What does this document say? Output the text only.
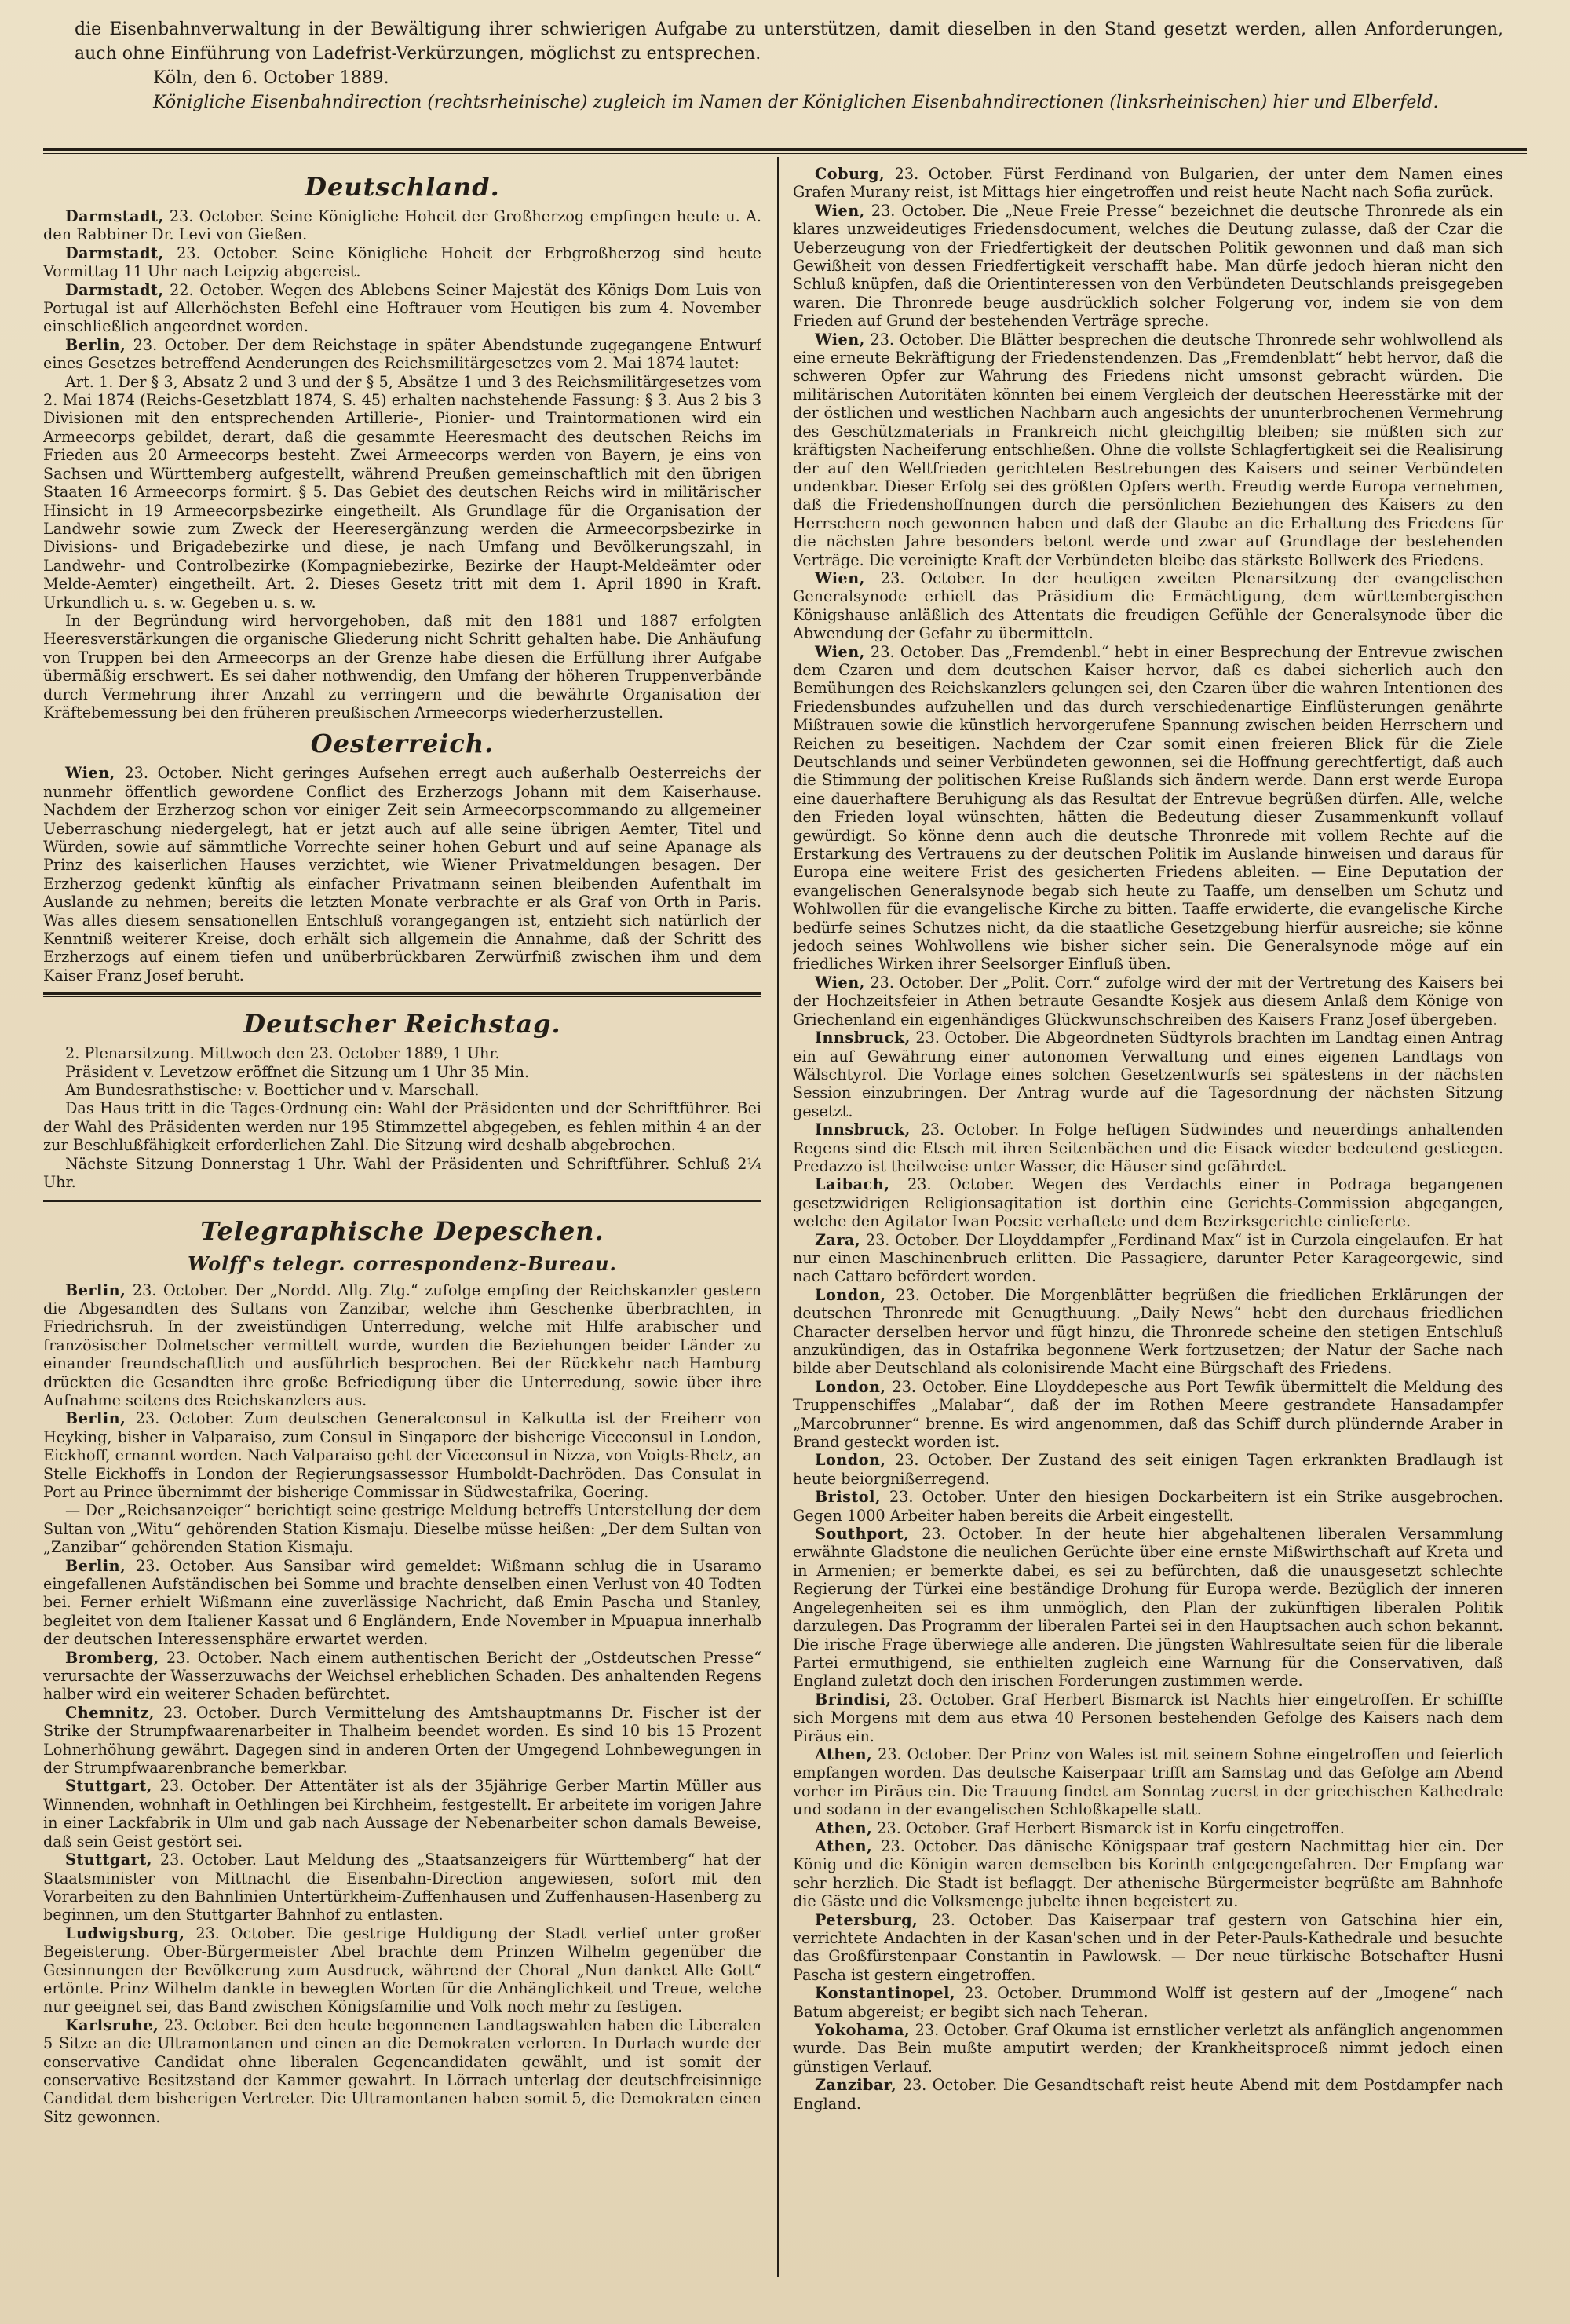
die Eisenbahnverwaltung in der Bewältigung ihrer schwierigen Aufgabe zu unterstützen, damit dieselben in den Stand gesetzt werden, allen Anforderungen, auch ohne Einführung von Ladefrist-Verkürzungen, möglichst zu entsprechen.

Köln, den 6. October 1889.
Königliche Eisenbahndirection (rechtsrheinische) zugleich im Namen der Königlichen Eisenbahndirectionen (linksrheinischen) hier und Elberfeld.
Deutschland.

Darmstadt, 23. October. Seine Königliche Hoheit der Großherzog empfingen heute u. A. den Rabbiner Dr. Levi von Gießen.

Darmstadt, 23. October. Seine Königliche Hoheit der Erbgroßherzog sind heute Vormittag 11 Uhr nach Leipzig abgereist.

Darmstadt, 22. October. Wegen des Ablebens Seiner Majestät des Königs Dom Luis von Portugal ist auf Allerhöchsten Befehl eine Hoftrauer vom Heutigen bis zum 4. November einschließlich angeordnet worden.

Berlin, 23. October. Der dem Reichstage in später Abendstunde zugegangene Entwurf eines Gesetzes betreffend Aenderungen des Reichsmilitärgesetzes vom 2. Mai 1874 lautet:

Art. 1. Der § 3, Absatz 2 und 3 und der § 5, Absätze 1 und 3 des Reichsmilitärgesetzes vom 2. Mai 1874 (Reichs-Gesetzblatt 1874, S. 45) erhalten nachstehende Fassung: § 3. Aus 2 bis 3 Divisionen mit den entsprechenden Artillerie-, Pionier- und Traintormationen wird ein Armeecorps gebildet, derart, daß die gesammte Heeresmacht des deutschen Reichs im Frieden aus 20 Armeecorps besteht. Zwei Armeecorps werden von Bayern, je eins von Sachsen und Württemberg aufgestellt, während Preußen gemeinschaftlich mit den übrigen Staaten 16 Armeecorps formirt. § 5. Das Gebiet des deutschen Reichs wird in militärischer Hinsicht in 19 Armeecorpsbezirke eingetheilt. Als Grundlage für die Organisation der Landwehr sowie zum Zweck der Heeresergänzung werden die Armeecorpsbezirke in Divisions- und Brigadebezirke und diese, je nach Umfang und Bevölkerungszahl, in Landwehr- und Controlbezirke (Kompagniebezirke, Bezirke der Haupt-Meldeämter oder Melde-Aemter) eingetheilt. Art. 2. Dieses Gesetz tritt mit dem 1. April 1890 in Kraft. Urkundlich u. s. w. Gegeben u. s. w.

In der Begründung wird hervorgehoben, daß mit den 1881 und 1887 erfolgten Heeresverstärkungen die organische Gliederung nicht Schritt gehalten habe. Die Anhäufung von Truppen bei den Armeecorps an der Grenze habe diesen die Erfüllung ihrer Aufgabe übermäßig erschwert. Es sei daher nothwendig, den Umfang der höheren Truppenverbände durch Vermehrung ihrer Anzahl zu verringern und die bewährte Organisation der Kräftebemessung bei den früheren preußischen Armeecorps wiederherzustellen.

Oesterreich.

Wien, 23. October. Nicht geringes Aufsehen erregt auch außerhalb Oesterreichs der nunmehr öffentlich gewordene Conflict des Erzherzogs Johann mit dem Kaiserhause. Nachdem der Erzherzog schon vor einiger Zeit sein Armeecorpscommando zu allgemeiner Ueberraschung niedergelegt, hat er jetzt auch auf alle seine übrigen Aemter, Titel und Würden, sowie auf sämmtliche Vorrechte seiner hohen Geburt und auf seine Apanage als Prinz des kaiserlichen Hauses verzichtet, wie Wiener Privatmeldungen besagen. Der Erzherzog gedenkt künftig als einfacher Privatmann seinen bleibenden Aufenthalt im Auslande zu nehmen; bereits die letzten Monate verbrachte er als Graf von Orth in Paris. Was alles diesem sensationellen Entschluß vorangegangen ist, entzieht sich natürlich der Kenntniß weiterer Kreise, doch erhält sich allgemein die Annahme, daß der Schritt des Erzherzogs auf einem tiefen und unüberbrückbaren Zerwürfniß zwischen ihm und dem Kaiser Franz Josef beruht.

Deutscher Reichstag.

2. Plenarsitzung. Mittwoch den 23. October 1889, 1 Uhr.

Präsident v. Levetzow eröffnet die Sitzung um 1 Uhr 35 Min.

Am Bundesrathstische: v. Boetticher und v. Marschall.

Das Haus tritt in die Tages-Ordnung ein: Wahl der Präsidenten und der Schriftführer. Bei der Wahl des Präsidenten werden nur 195 Stimmzettel abgegeben, es fehlen mithin 4 an der zur Beschlußfähigkeit erforderlichen Zahl. Die Sitzung wird deshalb abgebrochen.

Nächste Sitzung Donnerstag 1 Uhr. Wahl der Präsidenten und Schriftführer. Schluß 2¼ Uhr.

Telegraphische Depeschen.
Wolff's telegr. correspondenz-Bureau.

Berlin, 23. October. Der „Nordd. Allg. Ztg.“ zufolge empfing der Reichskanzler gestern die Abgesandten des Sultans von Zanzibar, welche ihm Geschenke überbrachten, in Friedrichsruh. In der zweistündigen Unterredung, welche mit Hilfe arabischer und französischer Dolmetscher vermittelt wurde, wurden die Beziehungen beider Länder zu einander freundschaftlich und ausführlich besprochen. Bei der Rückkehr nach Hamburg drückten die Gesandten ihre große Befriedigung über die Unterredung, sowie über ihre Aufnahme seitens des Reichskanzlers aus.

Berlin, 23. October. Zum deutschen Generalconsul in Kalkutta ist der Freiherr von Heyking, bisher in Valparaiso, zum Consul in Singapore der bisherige Viceconsul in London, Eickhoff, ernannt worden. Nach Valparaiso geht der Viceconsul in Nizza, von Voigts-Rhetz, an Stelle Eickhoffs in London der Regierungsassessor Humboldt-Dachröden. Das Consulat in Port au Prince übernimmt der bisherige Commissar in Südwestafrika, Goering.

— Der „Reichsanzeiger“ berichtigt seine gestrige Meldung betreffs Unterstellung der dem Sultan von „Witu“ gehörenden Station Kismaju. Dieselbe müsse heißen: „Der dem Sultan von „Zanzibar“ gehörenden Station Kismaju.

Berlin, 23. October. Aus Sansibar wird gemeldet: Wißmann schlug die in Usaramo eingefallenen Aufständischen bei Somme und brachte denselben einen Verlust von 40 Todten bei. Ferner erhielt Wißmann eine zuverlässige Nachricht, daß Emin Pascha und Stanley, begleitet von dem Italiener Kassat und 6 Engländern, Ende November in Mpuapua innerhalb der deutschen Interessensphäre erwartet werden.

Bromberg, 23. October. Nach einem authentischen Bericht der „Ostdeutschen Presse“ verursachte der Wasserzuwachs der Weichsel erheblichen Schaden. Des anhaltenden Regens halber wird ein weiterer Schaden befürchtet.

Chemnitz, 23. October. Durch Vermittelung des Amtshauptmanns Dr. Fischer ist der Strike der Strumpfwaarenarbeiter in Thalheim beendet worden. Es sind 10 bis 15 Prozent Lohnerhöhung gewährt. Dagegen sind in anderen Orten der Umgegend Lohnbewegungen in der Strumpfwaarenbranche bemerkbar.

Stuttgart, 23. October. Der Attentäter ist als der 35jährige Gerber Martin Müller aus Winnenden, wohnhaft in Oethlingen bei Kirchheim, festgestellt. Er arbeitete im vorigen Jahre in einer Lackfabrik in Ulm und gab nach Aussage der Nebenarbeiter schon damals Beweise, daß sein Geist gestört sei.

Stuttgart, 23. October. Laut Meldung des „Staatsanzeigers für Württemberg“ hat der Staatsminister von Mittnacht die Eisenbahn-Direction angewiesen, sofort mit den Vorarbeiten zu den Bahnlinien Untertürkheim-Zuffenhausen und Zuffenhausen-Hasenberg zu beginnen, um den Stuttgarter Bahnhof zu entlasten.

Ludwigsburg, 23. October. Die gestrige Huldigung der Stadt verlief unter großer Begeisterung. Ober-Bürgermeister Abel brachte dem Prinzen Wilhelm gegenüber die Gesinnungen der Bevölkerung zum Ausdruck, während der Choral „Nun danket Alle Gott“ ertönte. Prinz Wilhelm dankte in bewegten Worten für die Anhänglichkeit und Treue, welche nur geeignet sei, das Band zwischen Königsfamilie und Volk noch mehr zu festigen.

Karlsruhe, 23. October. Bei den heute begonnenen Landtagswahlen haben die Liberalen 5 Sitze an die Ultramontanen und einen an die Demokraten verloren. In Durlach wurde der conservative Candidat ohne liberalen Gegencandidaten gewählt, und ist somit der conservative Besitzstand der Kammer gewahrt. In Lörrach unterlag der deutschfreisinnige Candidat dem bisherigen Vertreter. Die Ultramontanen haben somit 5, die Demokraten einen Sitz gewonnen.

Coburg, 23. October. Fürst Ferdinand von Bulgarien, der unter dem Namen eines Grafen Murany reist, ist Mittags hier eingetroffen und reist heute Nacht nach Sofia zurück.

Wien, 23. October. Die „Neue Freie Presse“ bezeichnet die deutsche Thronrede als ein klares unzweideutiges Friedensdocument, welches die Deutung zulasse, daß der Czar die Ueberzeugung von der Friedfertigkeit der deutschen Politik gewonnen und daß man sich Gewißheit von dessen Friedfertigkeit verschafft habe. Man dürfe jedoch hieran nicht den Schluß knüpfen, daß die Orientinteressen von den Verbündeten Deutschlands preisgegeben waren. Die Thronrede beuge ausdrücklich solcher Folgerung vor, indem sie von dem Frieden auf Grund der bestehenden Verträge spreche.

Wien, 23. October. Die Blätter besprechen die deutsche Thronrede sehr wohlwollend als eine erneute Bekräftigung der Friedenstendenzen. Das „Fremdenblatt“ hebt hervor, daß die schweren Opfer zur Wahrung des Friedens nicht umsonst gebracht würden. Die militärischen Autoritäten könnten bei einem Vergleich der deutschen Heeresstärke mit der der östlichen und westlichen Nachbarn auch angesichts der ununterbrochenen Vermehrung des Geschützmaterials in Frankreich nicht gleichgiltig bleiben; sie müßten sich zur kräftigsten Nacheiferung entschließen. Ohne die vollste Schlagfertigkeit sei die Realisirung der auf den Weltfrieden gerichteten Bestrebungen des Kaisers und seiner Verbündeten undenkbar. Dieser Erfolg sei des größten Opfers werth. Freudig werde Europa vernehmen, daß die Friedenshoffnungen durch die persönlichen Beziehungen des Kaisers zu den Herrschern noch gewonnen haben und daß der Glaube an die Erhaltung des Friedens für die nächsten Jahre besonders betont werde und zwar auf Grundlage der bestehenden Verträge. Die vereinigte Kraft der Verbündeten bleibe das stärkste Bollwerk des Friedens.

Wien, 23. October. In der heutigen zweiten Plenarsitzung der evangelischen Generalsynode erhielt das Präsidium die Ermächtigung, dem württembergischen Königshause anläßlich des Attentats die freudigen Gefühle der Generalsynode über die Abwendung der Gefahr zu übermitteln.

Wien, 23. October. Das „Fremdenbl.“ hebt in einer Besprechung der Entrevue zwischen dem Czaren und dem deutschen Kaiser hervor, daß es dabei sicherlich auch den Bemühungen des Reichskanzlers gelungen sei, den Czaren über die wahren Intentionen des Friedensbundes aufzuhellen und das durch verschiedenartige Einflüsterungen genährte Mißtrauen sowie die künstlich hervorgerufene Spannung zwischen beiden Herrschern und Reichen zu beseitigen. Nachdem der Czar somit einen freieren Blick für die Ziele Deutschlands und seiner Verbündeten gewonnen, sei die Hoffnung gerechtfertigt, daß auch die Stimmung der politischen Kreise Rußlands sich ändern werde. Dann erst werde Europa eine dauerhaftere Beruhigung als das Resultat der Entrevue begrüßen dürfen. Alle, welche den Frieden loyal wünschten, hätten die Bedeutung dieser Zusammenkunft vollauf gewürdigt. So könne denn auch die deutsche Thronrede mit vollem Rechte auf die Erstarkung des Vertrauens zu der deutschen Politik im Auslande hinweisen und daraus für Europa eine weitere Frist des gesicherten Friedens ableiten. — Eine Deputation der evangelischen Generalsynode begab sich heute zu Taaffe, um denselben um Schutz und Wohlwollen für die evangelische Kirche zu bitten. Taaffe erwiderte, die evangelische Kirche bedürfe seines Schutzes nicht, da die staatliche Gesetzgebung hierfür ausreiche; sie könne jedoch seines Wohlwollens wie bisher sicher sein. Die Generalsynode möge auf ein friedliches Wirken ihrer Seelsorger Einfluß üben.

Wien, 23. October. Der „Polit. Corr.“ zufolge wird der mit der Vertretung des Kaisers bei der Hochzeitsfeier in Athen betraute Gesandte Kosjek aus diesem Anlaß dem Könige von Griechenland ein eigenhändiges Glückwunschschreiben des Kaisers Franz Josef übergeben.

Innsbruck, 23. October. Die Abgeordneten Südtyrols brachten im Landtag einen Antrag ein auf Gewährung einer autonomen Verwaltung und eines eigenen Landtags von Wälschtyrol. Die Vorlage eines solchen Gesetzentwurfs sei spätestens in der nächsten Session einzubringen. Der Antrag wurde auf die Tagesordnung der nächsten Sitzung gesetzt.

Innsbruck, 23. October. In Folge heftigen Südwindes und neuerdings anhaltenden Regens sind die Etsch mit ihren Seitenbächen und die Eisack wieder bedeutend gestiegen. Predazzo ist theilweise unter Wasser, die Häuser sind gefährdet.

Laibach, 23. October. Wegen des Verdachts einer in Podraga begangenen gesetzwidrigen Religionsagitation ist dorthin eine Gerichts-Commission abgegangen, welche den Agitator Iwan Pocsic verhaftete und dem Bezirksgerichte einlieferte.

Zara, 23. October. Der Lloyddampfer „Ferdinand Max“ ist in Curzola eingelaufen. Er hat nur einen Maschinenbruch erlitten. Die Passagiere, darunter Peter Karageorgewic, sind nach Cattaro befördert worden.

London, 23. October. Die Morgenblätter begrüßen die friedlichen Erklärungen der deutschen Thronrede mit Genugthuung. „Daily News“ hebt den durchaus friedlichen Character derselben hervor und fügt hinzu, die Thronrede scheine den stetigen Entschluß anzukündigen, das in Ostafrika begonnene Werk fortzusetzen; der Natur der Sache nach bilde aber Deutschland als colonisirende Macht eine Bürgschaft des Friedens.

London, 23. October. Eine Lloyddepesche aus Port Tewfik übermittelt die Meldung des Truppenschiffes „Malabar“, daß der im Rothen Meere gestrandete Hansadampfer „Marcobrunner“ brenne. Es wird angenommen, daß das Schiff durch plündernde Araber in Brand gesteckt worden ist.

London, 23. October. Der Zustand des seit einigen Tagen erkrankten Bradlaugh ist heute beiorgnißerregend.

Bristol, 23. October. Unter den hiesigen Dockarbeitern ist ein Strike ausgebrochen. Gegen 1000 Arbeiter haben bereits die Arbeit eingestellt.

Southport, 23. October. In der heute hier abgehaltenen liberalen Versammlung erwähnte Gladstone die neulichen Gerüchte über eine ernste Mißwirthschaft auf Kreta und in Armenien; er bemerkte dabei, es sei zu befürchten, daß die unausgesetzt schlechte Regierung der Türkei eine beständige Drohung für Europa werde. Bezüglich der inneren Angelegenheiten sei es ihm unmöglich, den Plan der zukünftigen liberalen Politik darzulegen. Das Programm der liberalen Partei sei in den Hauptsachen auch schon bekannt. Die irische Frage überwiege alle anderen. Die jüngsten Wahlresultate seien für die liberale Partei ermuthigend, sie enthielten zugleich eine Warnung für die Conservativen, daß England zuletzt doch den irischen Forderungen zustimmen werde.

Brindisi, 23. October. Graf Herbert Bismarck ist Nachts hier eingetroffen. Er schiffte sich Morgens mit dem aus etwa 40 Personen bestehenden Gefolge des Kaisers nach dem Piräus ein.

Athen, 23. October. Der Prinz von Wales ist mit seinem Sohne eingetroffen und feierlich empfangen worden. Das deutsche Kaiserpaar trifft am Samstag und das Gefolge am Abend vorher im Piräus ein. Die Trauung findet am Sonntag zuerst in der griechischen Kathedrale und sodann in der evangelischen Schloßkapelle statt.

Athen, 23. October. Graf Herbert Bismarck ist in Korfu eingetroffen.

Athen, 23. October. Das dänische Königspaar traf gestern Nachmittag hier ein. Der König und die Königin waren demselben bis Korinth entgegengefahren. Der Empfang war sehr herzlich. Die Stadt ist beflaggt. Der athenische Bürgermeister begrüßte am Bahnhofe die Gäste und die Volksmenge jubelte ihnen begeistert zu.

Petersburg, 23. October. Das Kaiserpaar traf gestern von Gatschina hier ein, verrichtete Andachten in der Kasan'schen und in der Peter-Pauls-Kathedrale und besuchte das Großfürstenpaar Constantin in Pawlowsk. — Der neue türkische Botschafter Husni Pascha ist gestern eingetroffen.

Konstantinopel, 23. October. Drummond Wolff ist gestern auf der „Imogene“ nach Batum abgereist; er begibt sich nach Teheran.

Yokohama, 23. October. Graf Okuma ist ernstlicher verletzt als anfänglich angenommen wurde. Das Bein mußte amputirt werden; der Krankheitsproceß nimmt jedoch einen günstigen Verlauf.

Zanzibar, 23. October. Die Gesandtschaft reist heute Abend mit dem Postdampfer nach England.
